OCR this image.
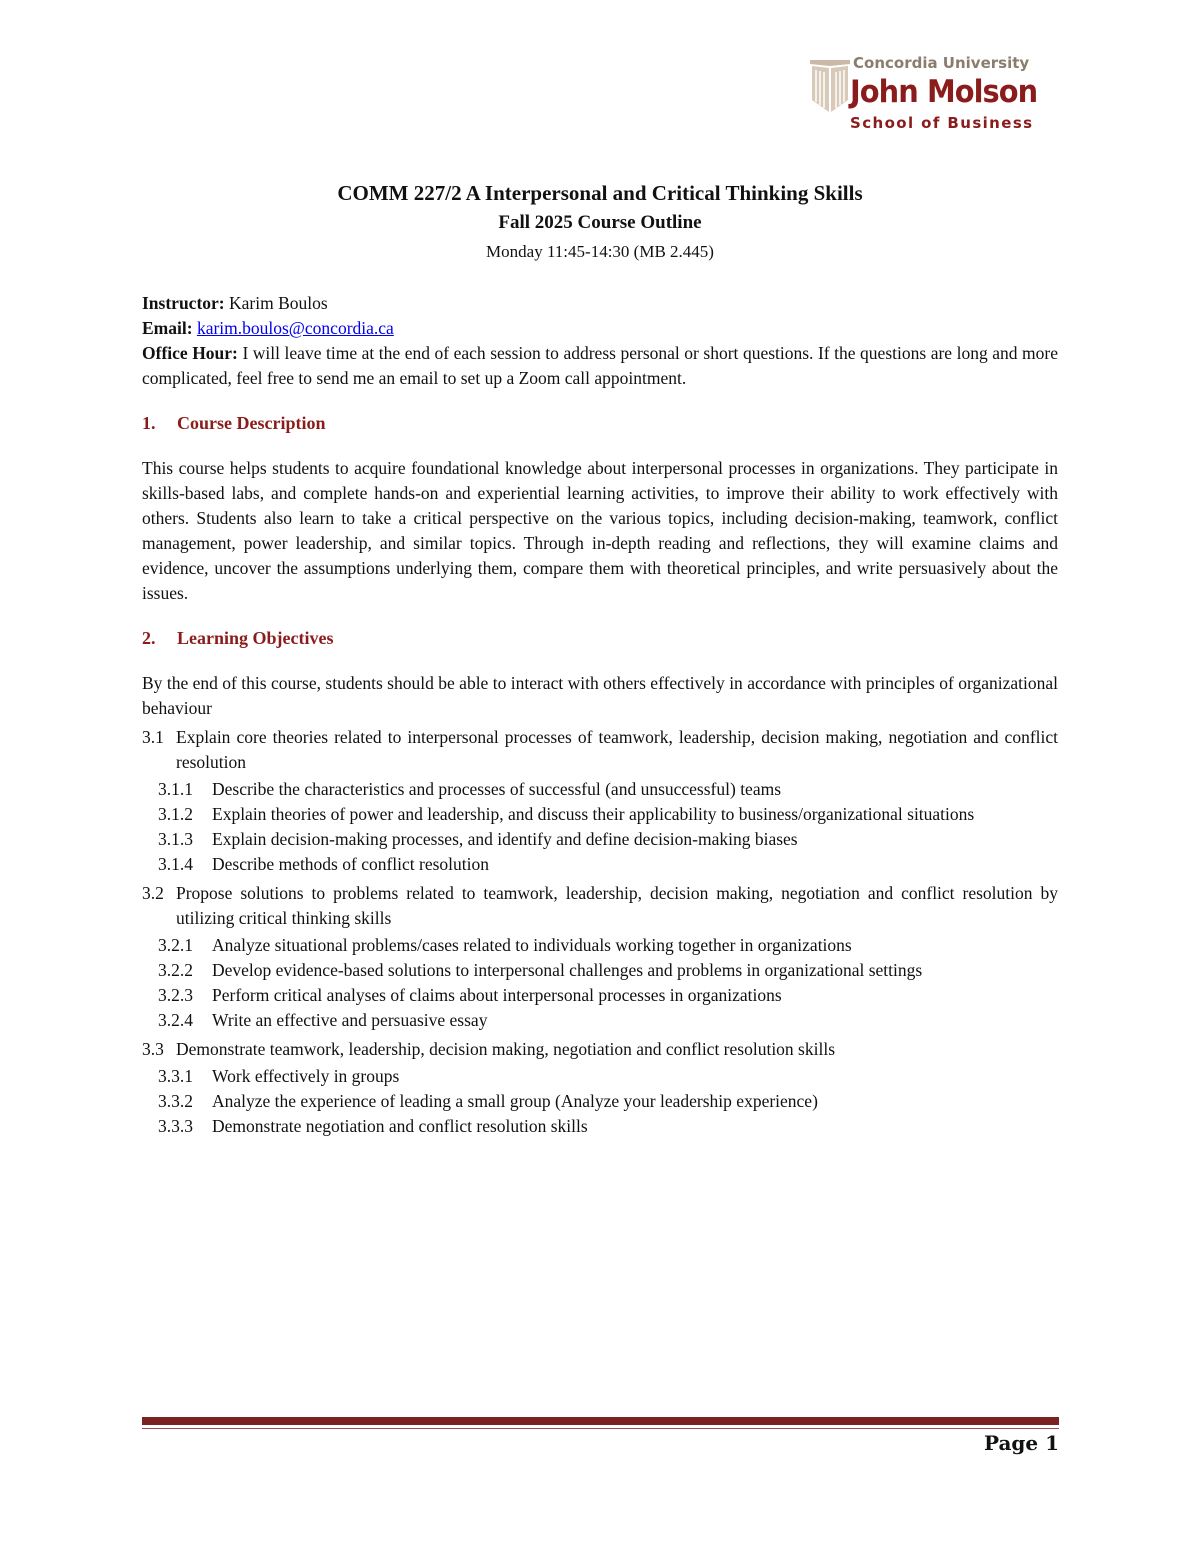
Concordia University
John Molson
School of Business
COMM 227/2 A Interpersonal and Critical Thinking Skills
Fall 2025 Course Outline
Monday 11:45-14:30 (MB 2.445)

Instructor: Karim Boulos

Email: karim.boulos@concordia.ca

Office Hour: I will leave time at the end of each session to address personal or short questions. If the questions are long and more complicated, feel free to send me an email to set up a Zoom call appointment.

1.	Course Description

This course helps students to acquire foundational knowledge about interpersonal processes in organizations. They participate in skills-based labs, and complete hands-on and experiential learning activities, to improve their ability to work effectively with others. Students also learn to take a critical perspective on the various topics, including decision-making, teamwork, conflict management, power leadership, and similar topics. Through in-depth reading and reflections, they will examine claims and evidence, uncover the assumptions underlying them, compare them with theoretical principles, and write persuasively about the issues.

2.	Learning Objectives

By the end of this course, students should be able to interact with others effectively in accordance with principles of organizational behaviour

3.1 Explain core theories related to interpersonal processes of teamwork, leadership, decision making, negotiation and conflict resolution
3.1.1	Describe the characteristics and processes of successful (and unsuccessful) teams
3.1.2	Explain theories of power and leadership, and discuss their applicability to business/organizational situations
3.1.3	Explain decision-making processes, and identify and define decision-making biases
3.1.4	Describe methods of conflict resolution
3.2 Propose solutions to problems related to teamwork, leadership, decision making, negotiation and conflict resolution by utilizing critical thinking skills
3.2.1	Analyze situational problems/cases related to individuals working together in organizations
3.2.2	Develop evidence-based solutions to interpersonal challenges and problems in organizational settings
3.2.3	Perform critical analyses of claims about interpersonal processes in organizations
3.2.4	Write an effective and persuasive essay
3.3 Demonstrate teamwork, leadership, decision making, negotiation and conflict resolution skills
3.3.1	Work effectively in groups
3.3.2	Analyze the experience of leading a small group (Analyze your leadership experience)
3.3.3	Demonstrate negotiation and conflict resolution skills
Page 1
